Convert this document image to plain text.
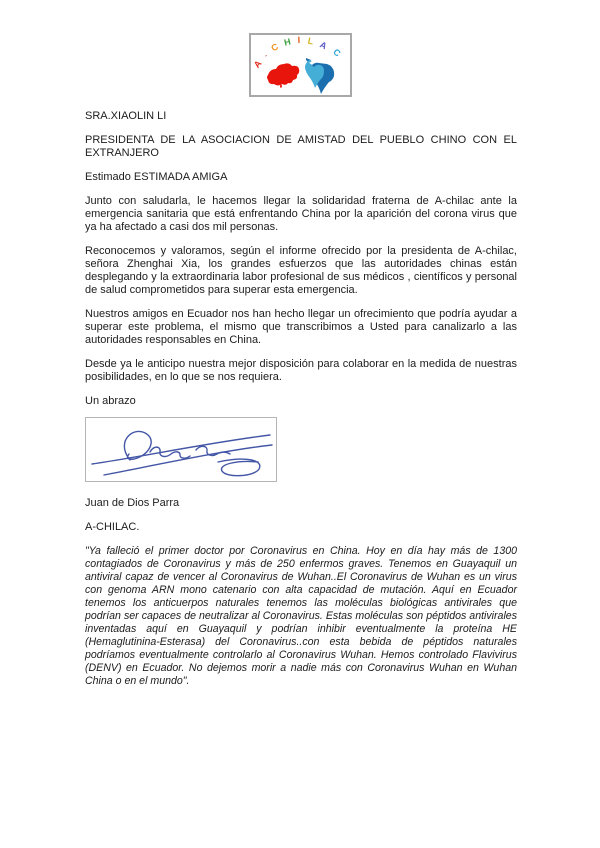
A
-
C H I L A
C

SRA.XIAOLIN LI

PRESIDENTA DE LA ASOCIACION DE AMISTAD DEL PUEBLO CHINO CON EL EXTRANJERO

Estimado ESTIMADA AMIGA

Junto con saludarla, le hacemos llegar la solidaridad fraterna de A-chilac ante la emergencia sanitaria que está enfrentando China por la aparición del corona virus que ya ha afectado a casi dos mil personas.

Reconocemos y valoramos, según el informe ofrecido por la presidenta de A-chilac, señora Zhenghai Xia, los grandes esfuerzos que las autoridades chinas están desplegando y la extraordinaria labor profesional de sus médicos , científicos y personal de salud comprometidos para superar esta emergencia.

Nuestros amigos en Ecuador nos han hecho llegar un ofrecimiento que podría ayudar a superar este problema, el mismo que transcribimos a Usted para canalizarlo a las autoridades responsables en China.

Desde ya le anticipo nuestra mejor disposición para colaborar en la medida de nuestras posibilidades, en lo que se nos requiera.

Un abrazo

Juan de Dios Parra

A-CHILAC.

"Ya falleció el primer doctor por Coronavirus en China. Hoy en día hay más de 1300 contagiados de Coronavirus y más de 250 enfermos graves. Tenemos en Guayaquil un antiviral capaz de vencer al Coronavirus de Wuhan..El Coronavirus de Wuhan es un virus con genoma ARN mono catenario con alta capacidad de mutación. Aquí en Ecuador tenemos los anticuerpos naturales tenemos las moléculas biológicas antivirales que podrían ser capaces de neutralizar al Coronavirus. Estas moléculas son péptidos antivirales inventadas aquí en Guayaquil y podrían inhibir eventualmente la proteína HE (Hemaglutinina-Esterasa) del Coronavirus..con esta bebida de péptidos naturales podríamos eventualmente controlarlo al Coronavirus Wuhan. Hemos controlado Flavivirus (DENV) en Ecuador. No dejemos morir a nadie más con Coronavirus Wuhan en Wuhan China o en el mundo".
